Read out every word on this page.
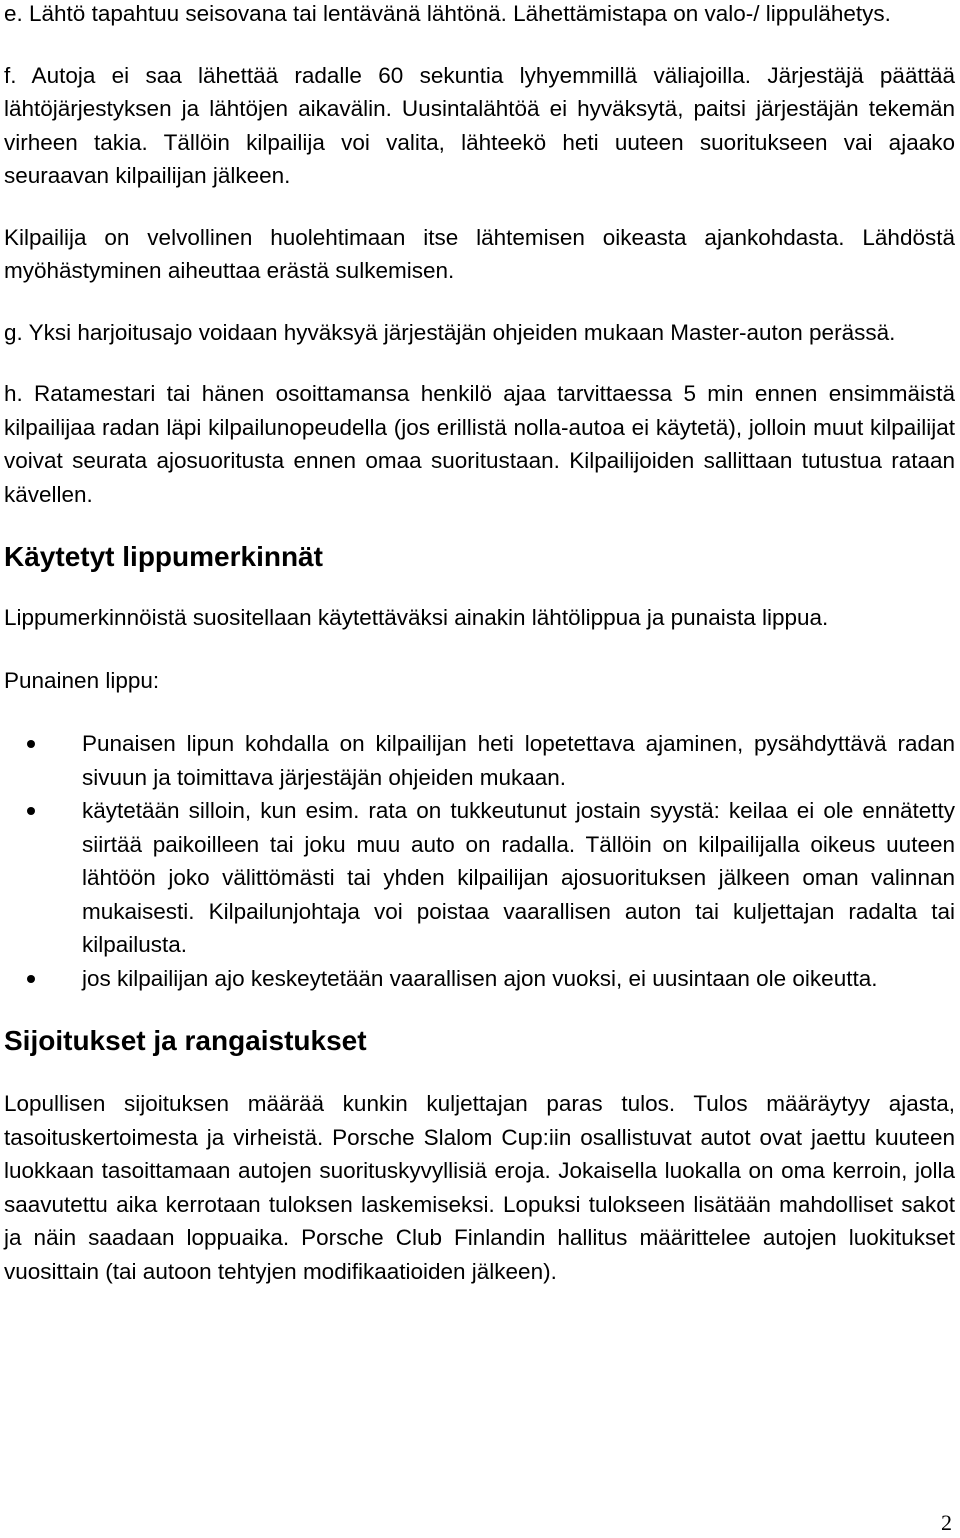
e. Lähtö tapahtuu seisovana tai lentävänä lähtönä. Lähettämistapa on valo-/ lippulähetys.

f. Autoja ei saa lähettää radalle 60 sekuntia lyhyemmillä väliajoilla. Järjestäjä päättää lähtöjärjestyksen ja lähtöjen aikavälin. Uusintalähtöä ei hyväksytä, paitsi järjestäjän tekemän virheen takia. Tällöin kilpailija voi valita, lähteekö heti uuteen suoritukseen vai ajaako seuraavan kilpailijan jälkeen.

Kilpailija on velvollinen huolehtimaan itse lähtemisen oikeasta ajankohdasta. Lähdöstä myöhästyminen aiheuttaa erästä sulkemisen.

g. Yksi harjoitusajo voidaan hyväksyä järjestäjän ohjeiden mukaan Master-auton perässä.

h. Ratamestari tai hänen osoittamansa henkilö ajaa tarvittaessa 5 min ennen ensimmäistä kilpailijaa radan läpi kilpailunopeudella (jos erillistä nolla-autoa ei käytetä), jolloin muut kilpailijat voivat seurata ajosuoritusta ennen omaa suoritustaan. Kilpailijoiden sallittaan tutustua rataan kävellen.

Käytetyt lippumerkinnät

Lippumerkinnöistä suositellaan käytettäväksi ainakin lähtölippua ja punaista lippua.

Punainen lippu:

Punaisen lipun kohdalla on kilpailijan heti lopetettava ajaminen, pysähdyttävä radan sivuun ja toimittava järjestäjän ohjeiden mukaan.
käytetään silloin, kun esim. rata on tukkeutunut jostain syystä: keilaa ei ole ennätetty siirtää paikoilleen tai joku muu auto on radalla. Tällöin on kilpailijalla oikeus uuteen lähtöön joko välittömästi tai yhden kilpailijan ajosuorituksen jälkeen oman valinnan mukaisesti. Kilpailunjohtaja voi poistaa vaarallisen auton tai kuljettajan radalta tai kilpailusta.
jos kilpailijan ajo keskeytetään vaarallisen ajon vuoksi, ei uusintaan ole oikeutta.
Sijoitukset ja rangaistukset

Lopullisen sijoituksen määrää kunkin kuljettajan paras tulos. Tulos määräytyy ajasta, tasoituskertoimesta ja virheistä. Porsche Slalom Cup:iin osallistuvat autot ovat jaettu kuuteen luokkaan tasoittamaan autojen suorituskyvyllisiä eroja. Jokaisella luokalla on oma kerroin, jolla saavutettu aika kerrotaan tuloksen laskemiseksi. Lopuksi tulokseen lisätään mahdolliset sakot ja näin saadaan loppuaika. Porsche Club Finlandin hallitus määrittelee autojen luokitukset vuosittain (tai autoon tehtyjen modifikaatioiden jälkeen).

2
